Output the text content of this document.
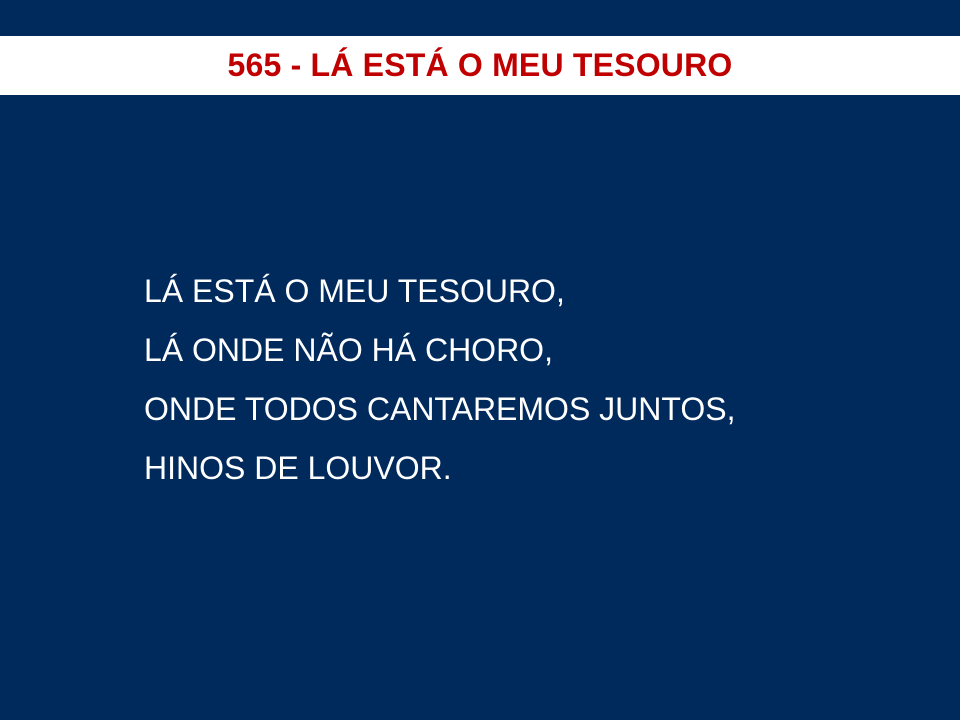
565 - LÁ ESTÁ O MEU TESOURO
LÁ ESTÁ O MEU TESOURO,
LÁ ONDE NÃO HÁ CHORO,
ONDE TODOS CANTAREMOS JUNTOS,
HINOS DE LOUVOR.
